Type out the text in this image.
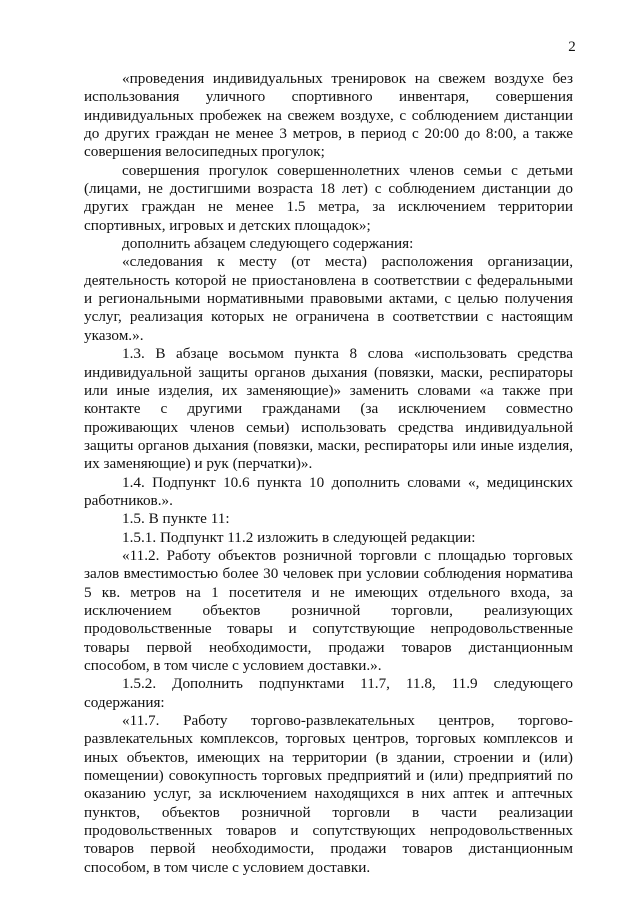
2

«проведения индивидуальных тренировок на свежем воздухе без использования уличного спортивного инвентаря, совершения индивидуальных пробежек на свежем воздухе, с соблюдением дистанции до других граждан не менее 3 метров, в период с 20:00 до 8:00, а также совершения велосипедных прогулок;

совершения прогулок совершеннолетних членов семьи с детьми (лицами, не достигшими возраста 18 лет) с соблюдением дистанции до других граждан не менее 1.5 метра, за исключением территории спортивных, игровых и детских площадок»;

дополнить абзацем следующего содержания:

«следования к месту (от места) расположения организации, деятельность которой не приостановлена в соответствии с федеральными и региональными нормативными правовыми актами, с целью получения услуг, реализация которых не ограничена в соответствии с настоящим указом.».

1.3. В абзаце восьмом пункта 8 слова «использовать средства индивидуальной защиты органов дыхания (повязки, маски, респираторы или иные изделия, их заменяющие)» заменить словами «а также при контакте с другими гражданами (за исключением совместно проживающих членов семьи) использовать средства индивидуальной защиты органов дыхания (повязки, маски, респираторы или иные изделия, их заменяющие) и рук (перчатки)».

1.4. Подпункт 10.6 пункта 10 дополнить словами «, медицинских работников.».

1.5. В пункте 11:

1.5.1. Подпункт 11.2 изложить в следующей редакции:

«11.2. Работу объектов розничной торговли с площадью торговых залов вместимостью более 30 человек при условии соблюдения норматива 5 кв. метров на 1 посетителя и не имеющих отдельного входа, за исключением объектов розничной торговли, реализующих продовольственные товары и сопутствующие непродовольственные товары первой необходимости, продажи товаров дистанционным способом, в том числе с условием доставки.».

1.5.2. Дополнить подпунктами 11.7, 11.8, 11.9 следующего содержания:

«11.7. Работу торгово-развлекательных центров, торгово-развлекательных комплексов, торговых центров, торговых комплексов и иных объектов, имеющих на территории (в здании, строении и (или) помещении) совокупность торговых предприятий и (или) предприятий по оказанию услуг, за исключением находящихся в них аптек и аптечных пунктов, объектов розничной торговли в части реализации продовольственных товаров и сопутствующих непродовольственных товаров первой необходимости, продажи товаров дистанционным способом, в том числе с условием доставки.
